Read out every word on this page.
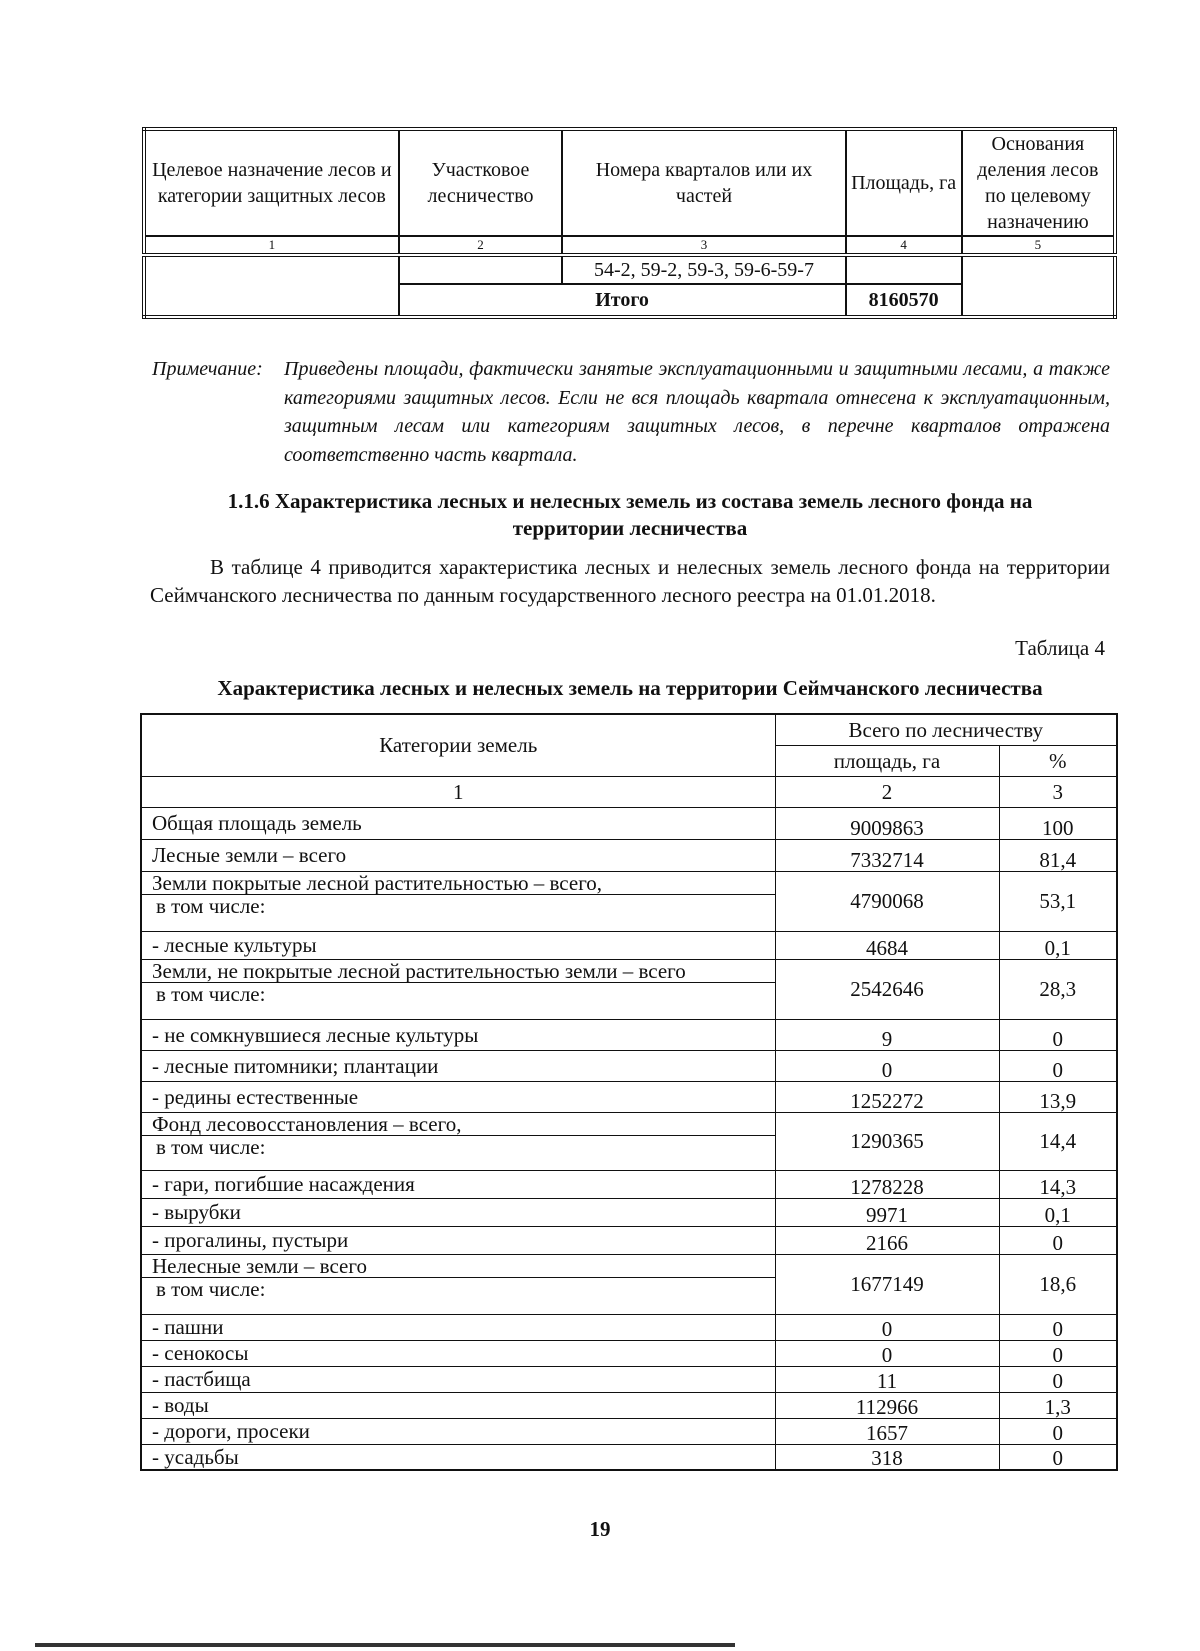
Целевое назначение лесов и категории защитных лесов	Участковое лесничество	Номера кварталов или их частей	Площадь, га	Основания деления лесов по целевому назначению
1	2	3	4	5
		54-2, 59-2, 59-3, 59-6-59-7		
	Итого		8160570	
Примечание:	Приведены площади, фактически занятые эксплуатационными и защитными лесами, а также категориями защитных лесов. Если не вся площадь квартала отнесена к эксплуатационным, защитным лесам или категориям защитных лесов, в перечне кварталов отражена соответственно часть квартала.
1.1.6 Характеристика лесных и нелесных земель из состава земель лесного фонда на
территории лесничества
В таблице 4 приводится характеристика лесных и нелесных земель лесного фонда на территории Сеймчанского лесничества по данным государственного лесного реестра на 01.01.2018.
Таблица 4
Характеристика лесных и нелесных земель на территории Сеймчанского лесничества
Категории земель	Всего по лесничеству	
	площадь, га	%
1	2	3
Общая площадь земель	9009863	100
Лесные земли – всего	7332714	81,4
Земли покрытые лесной растительностью – всего,
в том числе:	4790068	53,1
- лесные культуры	4684	0,1
Земли, не покрытые лесной растительностью земли – всего
в том числе:	2542646	28,3
- не сомкнувшиеся лесные культуры	9	0
- лесные питомники; плантации	0	0
- редины естественные	1252272	13,9
Фонд лесовосстановления – всего,
в том числе:	1290365	14,4
- гари, погибшие насаждения	1278228	14,3
- вырубки	9971	0,1
- прогалины, пустыри	2166	0
Нелесные земли – всего
в том числе:	1677149	18,6
- пашни	0	0
- сенокосы	0	0
- пастбища	11	0
- воды	112966	1,3
- дороги, просеки	1657	0
- усадьбы	318	0
19
